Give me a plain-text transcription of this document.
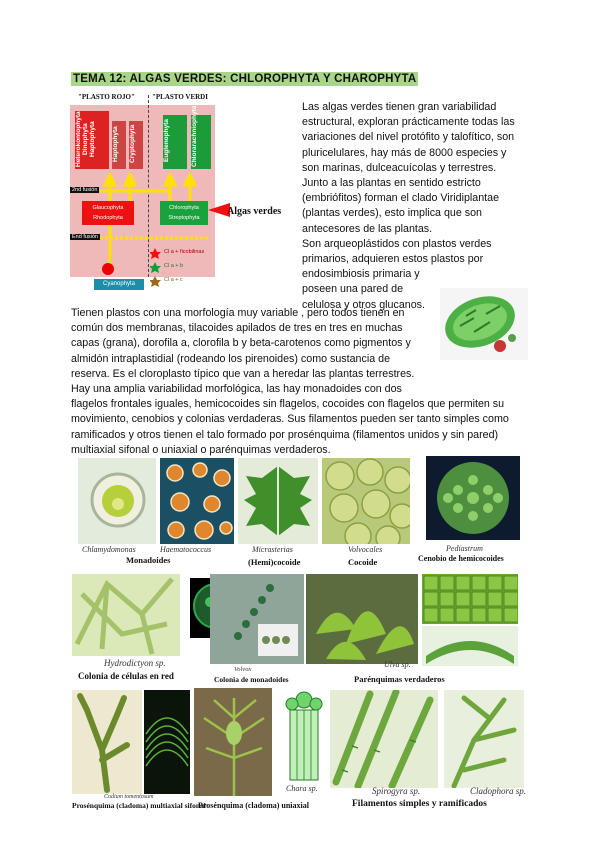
TEMA 12: ALGAS VERDES: CHLOROPHYTA Y CHAROPHYTA
"PLASTO ROJO" "PLASTO VERDI
Heterokontophyta Dinophyta Haptophyta	Haptophyta	Cryptophyta	Euglenophyta	Chlorarachniophyta
2nd fusión
Glaucophyta Rhodophyta
Chlorophyta Streptophyta
Algas verdes
End fusión
Cyanophyta
Cl a + ficobilinas
Cl a + b
Cl a + c

Las algas verdes tienen gran variabilidad

estructural, exploran prácticamente todas las

variaciones del nivel protófito y talofítico, son

pluricelulares, hay más de 8000 especies y

son marinas, dulceacuícolas y terrestres.

Junto a las plantas en sentido estricto

(embriófitos) forman el clado Viridiplantae

(plantas verdes), esto implica que son

antecesores de las plantas.

Son arqueoplástidos con plastos verdes

primarios, adquieren estos plastos por

endosimbiosis primaria y

poseen una pared de

celulosa y otros glucanos.

Tienen plastos con una morfología muy variable , pero todos tienen en

común dos membranas, tilacoides apilados de tres en tres en muchas

capas (grana), dorofila a, clorofila b y beta-carotenos como pigmentos y

almidón intraplastidial (rodeando los pirenoides) como sustancia de

reserva. Es el cloroplasto típico que van a heredar las plantas terrestres.

Hay una amplia variabilidad morfológica, las hay monadoides con dos

flagelos frontales iguales, hemicocoides sin flagelos, cocoides con flagelos que permiten su

movimiento, cenobios y colonias verdaderas. Sus filamentos pueden ser tanto simples como

ramificados y otros tienen el talo formado por prosénquima (filamentos unidos y sin pared)

multiaxial sifonal o uniaxial o parénquimas verdaderos.

Chlamydomonas	Haematococcus	Micrasterias	Volvocales	Pediastrum
Monadoides	(Hemi)cocoide	Cocoide	Cenobio de hemicocoides
Hydrodictyon sp.
Colonia de células en red
Volvox
Colonia de monadoides
Ulva sp.
Parénquimas verdaderos
Codium tomentosum
Prosénquima (cladoma) multiaxial sifonal
Chara sp.
Prosénquima (cladoma) uniaxial
Spirogyra sp.	Cladophora sp.
Filamentos simples y ramificados
